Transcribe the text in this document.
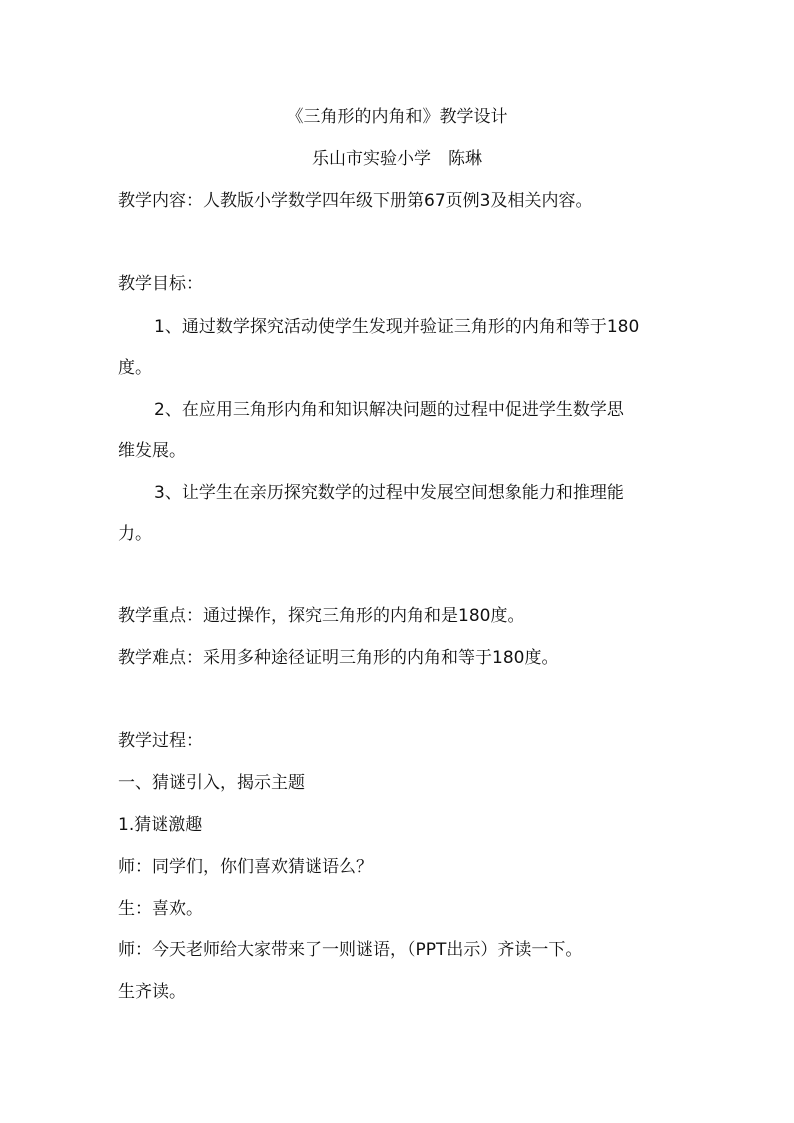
《三角形的内角和》教学设计
乐山市实验小学　陈琳
教学内容：人教版小学数学四年级下册第67页例3及相关内容。
教学目标：
1、通过数学探究活动使学生发现并验证三角形的内角和等于180
度。
2、在应用三角形内角和知识解决问题的过程中促进学生数学思
维发展。
3、让学生在亲历探究数学的过程中发展空间想象能力和推理能
力。
教学重点：通过操作，探究三角形的内角和是180度。
教学难点：采用多种途径证明三角形的内角和等于180度。
教学过程：
一、猜谜引入，揭示主题
1.猜谜激趣
师：同学们，你们喜欢猜谜语么？
生：喜欢。
师：今天老师给大家带来了一则谜语，（PPT出示）齐读一下。
生齐读。
